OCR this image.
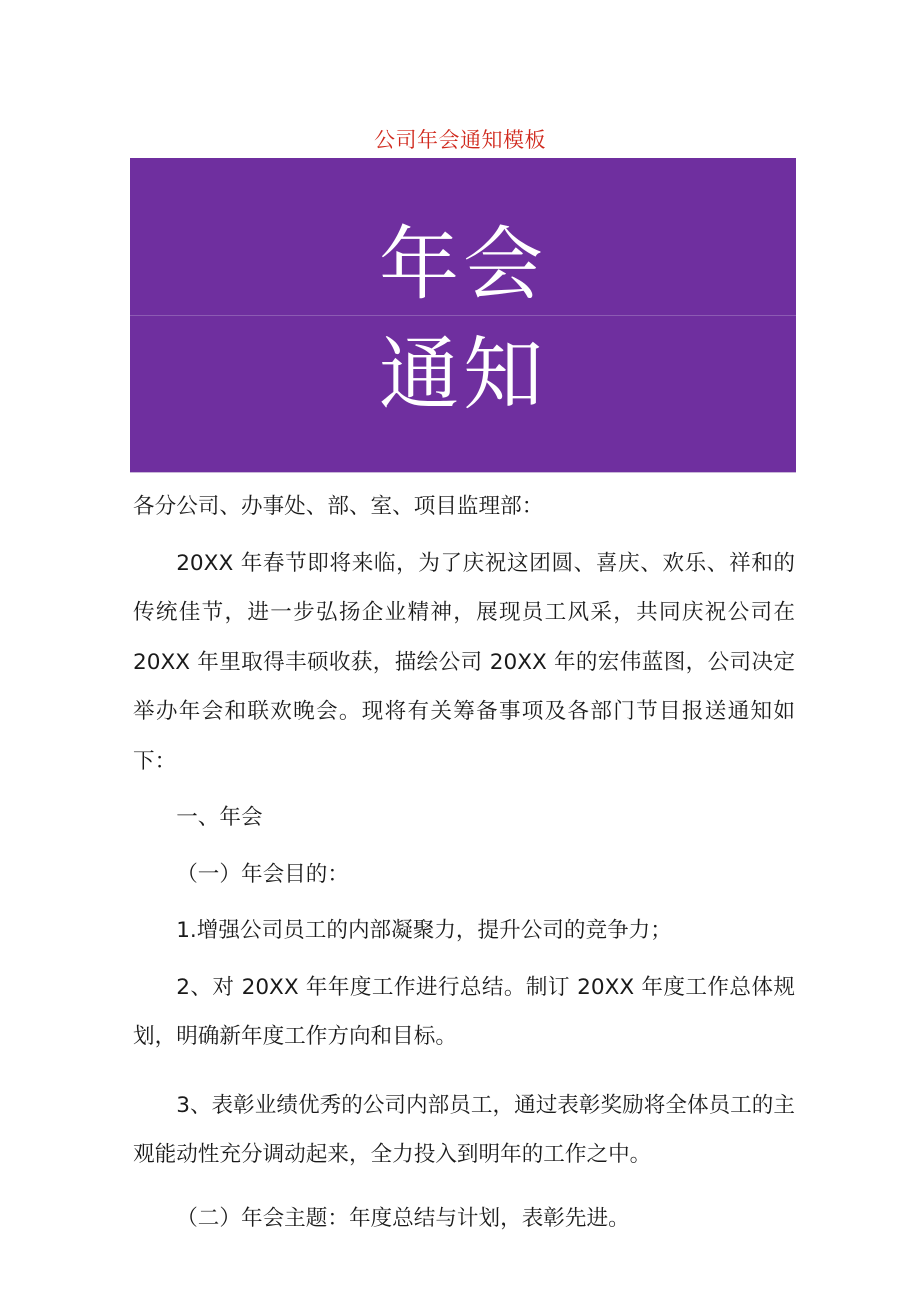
公司年会通知模板
年会
通知

各分公司、办事处、部、室、项目监理部：

20XX 年春节即将来临，为了庆祝这团圆、喜庆、欢乐、祥和的传统佳节，进一步弘扬企业精神，展现员工风采，共同庆祝公司在 20XX 年里取得丰硕收获，描绘公司 20XX 年的宏伟蓝图，公司决定举办年会和联欢晚会。现将有关筹备事项及各部门节目报送通知如下：

一、年会

（一）年会目的：

1.增强公司员工的内部凝聚力，提升公司的竞争力；

2、对 20XX 年年度工作进行总结。制订 20XX 年度工作总体规划，明确新年度工作方向和目标。

3、表彰业绩优秀的公司内部员工，通过表彰奖励将全体员工的主观能动性充分调动起来，全力投入到明年的工作之中。

（二）年会主题：年度总结与计划，表彰先进。
